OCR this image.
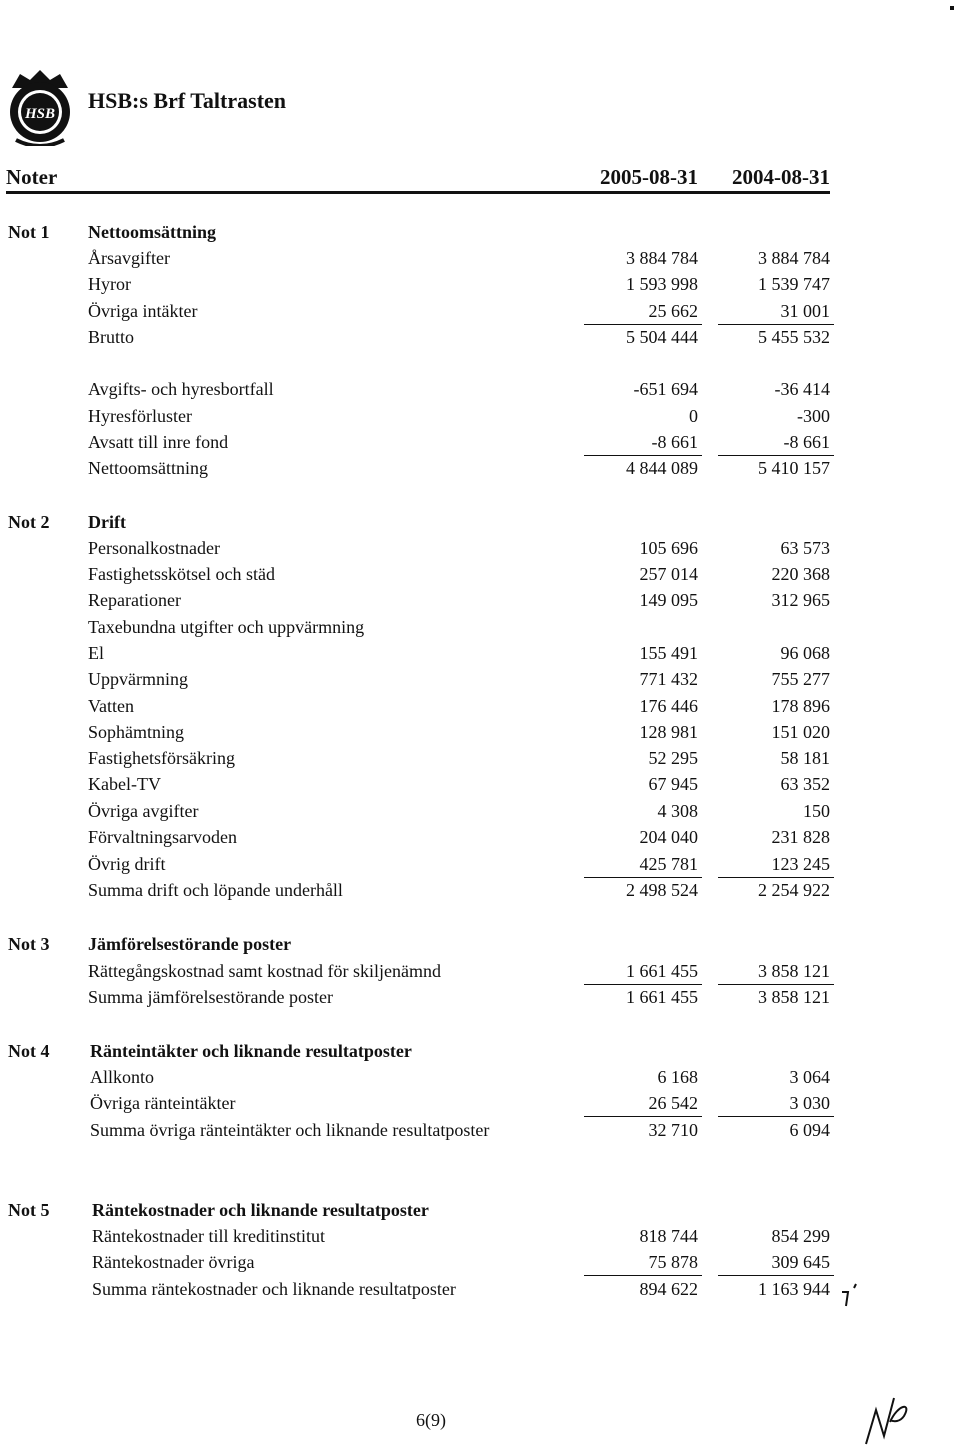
HSB
HSB:s Brf Taltrasten
Noter	2005-08-31 2004-08-31
Not 1 Nettoomsättning
Årsavgifter	3 884 784	3 884 784
Hyror	1 593 998	1 539 747
Övriga intäkter	25 662	31 001
Brutto	5 504 444	5 455 532
Avgifts- och hyresbortfall	-651 694	-36 414
Hyresförluster	0	-300
Avsatt till inre fond	-8 661	-8 661
Nettoomsättning	4 844 089	5 410 157
Not 2 Drift
Personalkostnader	105 696	63 573
Fastighetsskötsel och städ	257 014	220 368
Reparationer	149 095	312 965
Taxebundna utgifter och uppvärmning
El	155 491	96 068
Uppvärmning	771 432	755 277
Vatten	176 446	178 896
Sophämtning	128 981	151 020
Fastighetsförsäkring	52 295	58 181
Kabel-TV	67 945	63 352
Övriga avgifter	4 308	150
Förvaltningsarvoden	204 040	231 828
Övrig drift	425 781	123 245
Summa drift och löpande underhåll	2 498 524	2 254 922
Not 3 Jämförelsestörande poster
Rättegångskostnad samt kostnad för skiljenämnd	1 661 455	3 858 121
Summa jämförelsestörande poster	1 661 455	3 858 121
Not 4 Ränteintäkter och liknande resultatposter
Allkonto	6 168	3 064
Övriga ränteintäkter	26 542	3 030
Summa övriga ränteintäkter och liknande resultatposter	32 710	6 094
Not 5 Räntekostnader och liknande resultatposter
Räntekostnader till kreditinstitut	818 744	854 299
Räntekostnader övriga	75 878	309 645
Summa räntekostnader och liknande resultatposter	894 622	1 163 944
6(9)
